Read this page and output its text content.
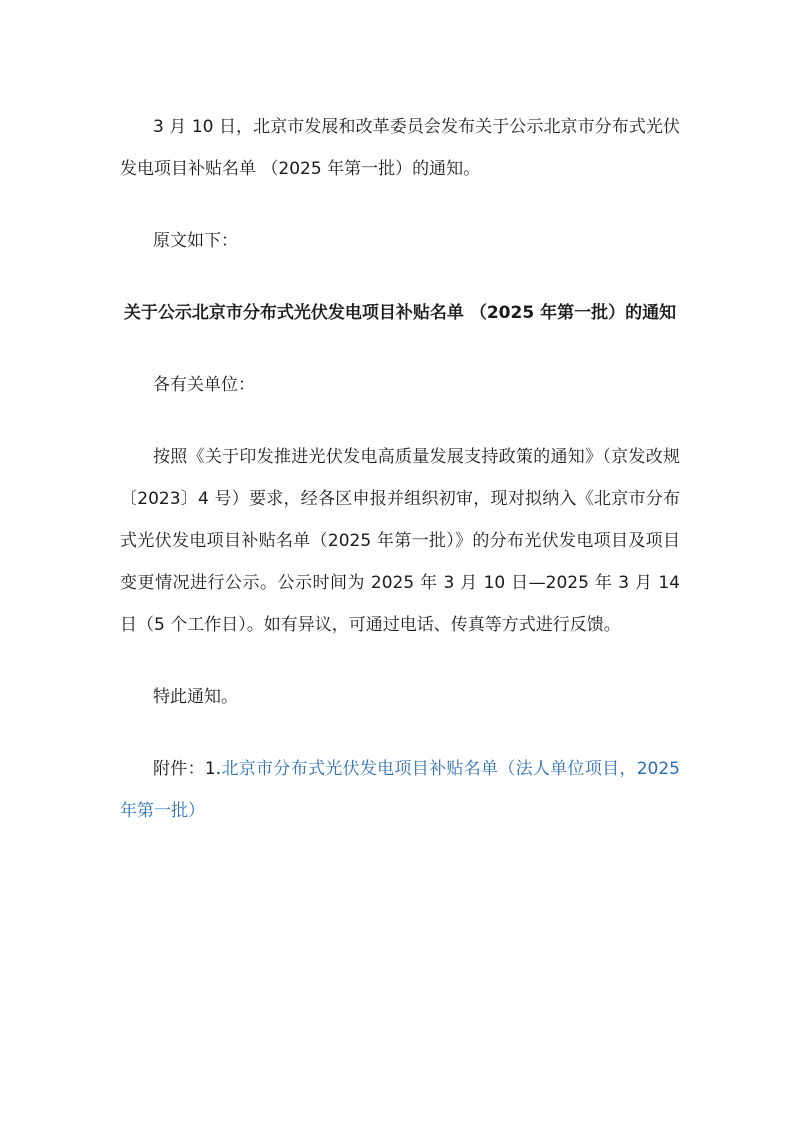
3 月 10 日，北京市发展和改革委员会发布关于公示北京市分布式光伏发电项目补贴名单 （2025 年第一批）的通知。

原文如下：

关于公示北京市分布式光伏发电项目补贴名单 （2025 年第一批）的通知

各有关单位：

按照《关于印发推进光伏发电高质量发展支持政策的通知》（京发改规〔2023〕4 号）要求，经各区申报并组织初审，现对拟纳入《北京市分布式光伏发电项目补贴名单（2025 年第一批）》的分布光伏发电项目及项目变更情况进行公示。公示时间为 2025 年 3 月 10 日—2025 年 3 月 14 日（5 个工作日）。如有异议，可通过电话、传真等方式进行反馈。

特此通知。

附件：1.北京市分布式光伏发电项目补贴名单（法人单位项目，2025 年第一批）
